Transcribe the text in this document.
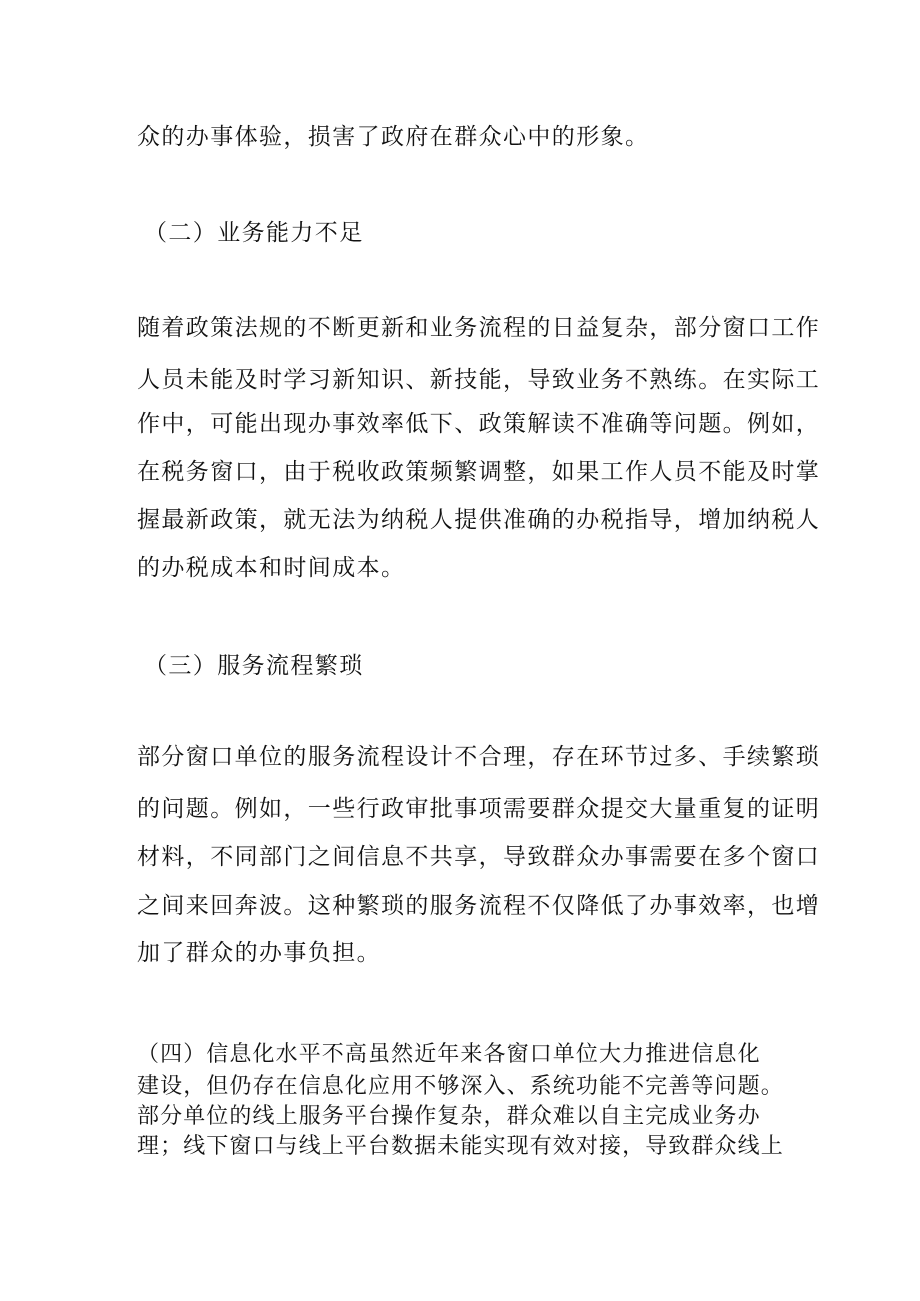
众的办事体验，损害了政府在群众心中的形象。
（二）业务能力不足
随着政策法规的不断更新和业务流程的日益复杂，部分窗口工作
人员未能及时学习新知识、新技能，导致业务不熟练。在实际工
作中，可能出现办事效率低下、政策解读不准确等问题。例如，
在税务窗口，由于税收政策频繁调整，如果工作人员不能及时掌
握最新政策，就无法为纳税人提供准确的办税指导，增加纳税人
的办税成本和时间成本。
（三）服务流程繁琐
部分窗口单位的服务流程设计不合理，存在环节过多、手续繁琐
的问题。例如，一些行政审批事项需要群众提交大量重复的证明
材料，不同部门之间信息不共享，导致群众办事需要在多个窗口
之间来回奔波。这种繁琐的服务流程不仅降低了办事效率，也增
加了群众的办事负担。
（四）信息化水平不高虽然近年来各窗口单位大力推进信息化
建设，但仍存在信息化应用不够深入、系统功能不完善等问题。
部分单位的线上服务平台操作复杂，群众难以自主完成业务办
理；线下窗口与线上平台数据未能实现有效对接，导致群众线上
